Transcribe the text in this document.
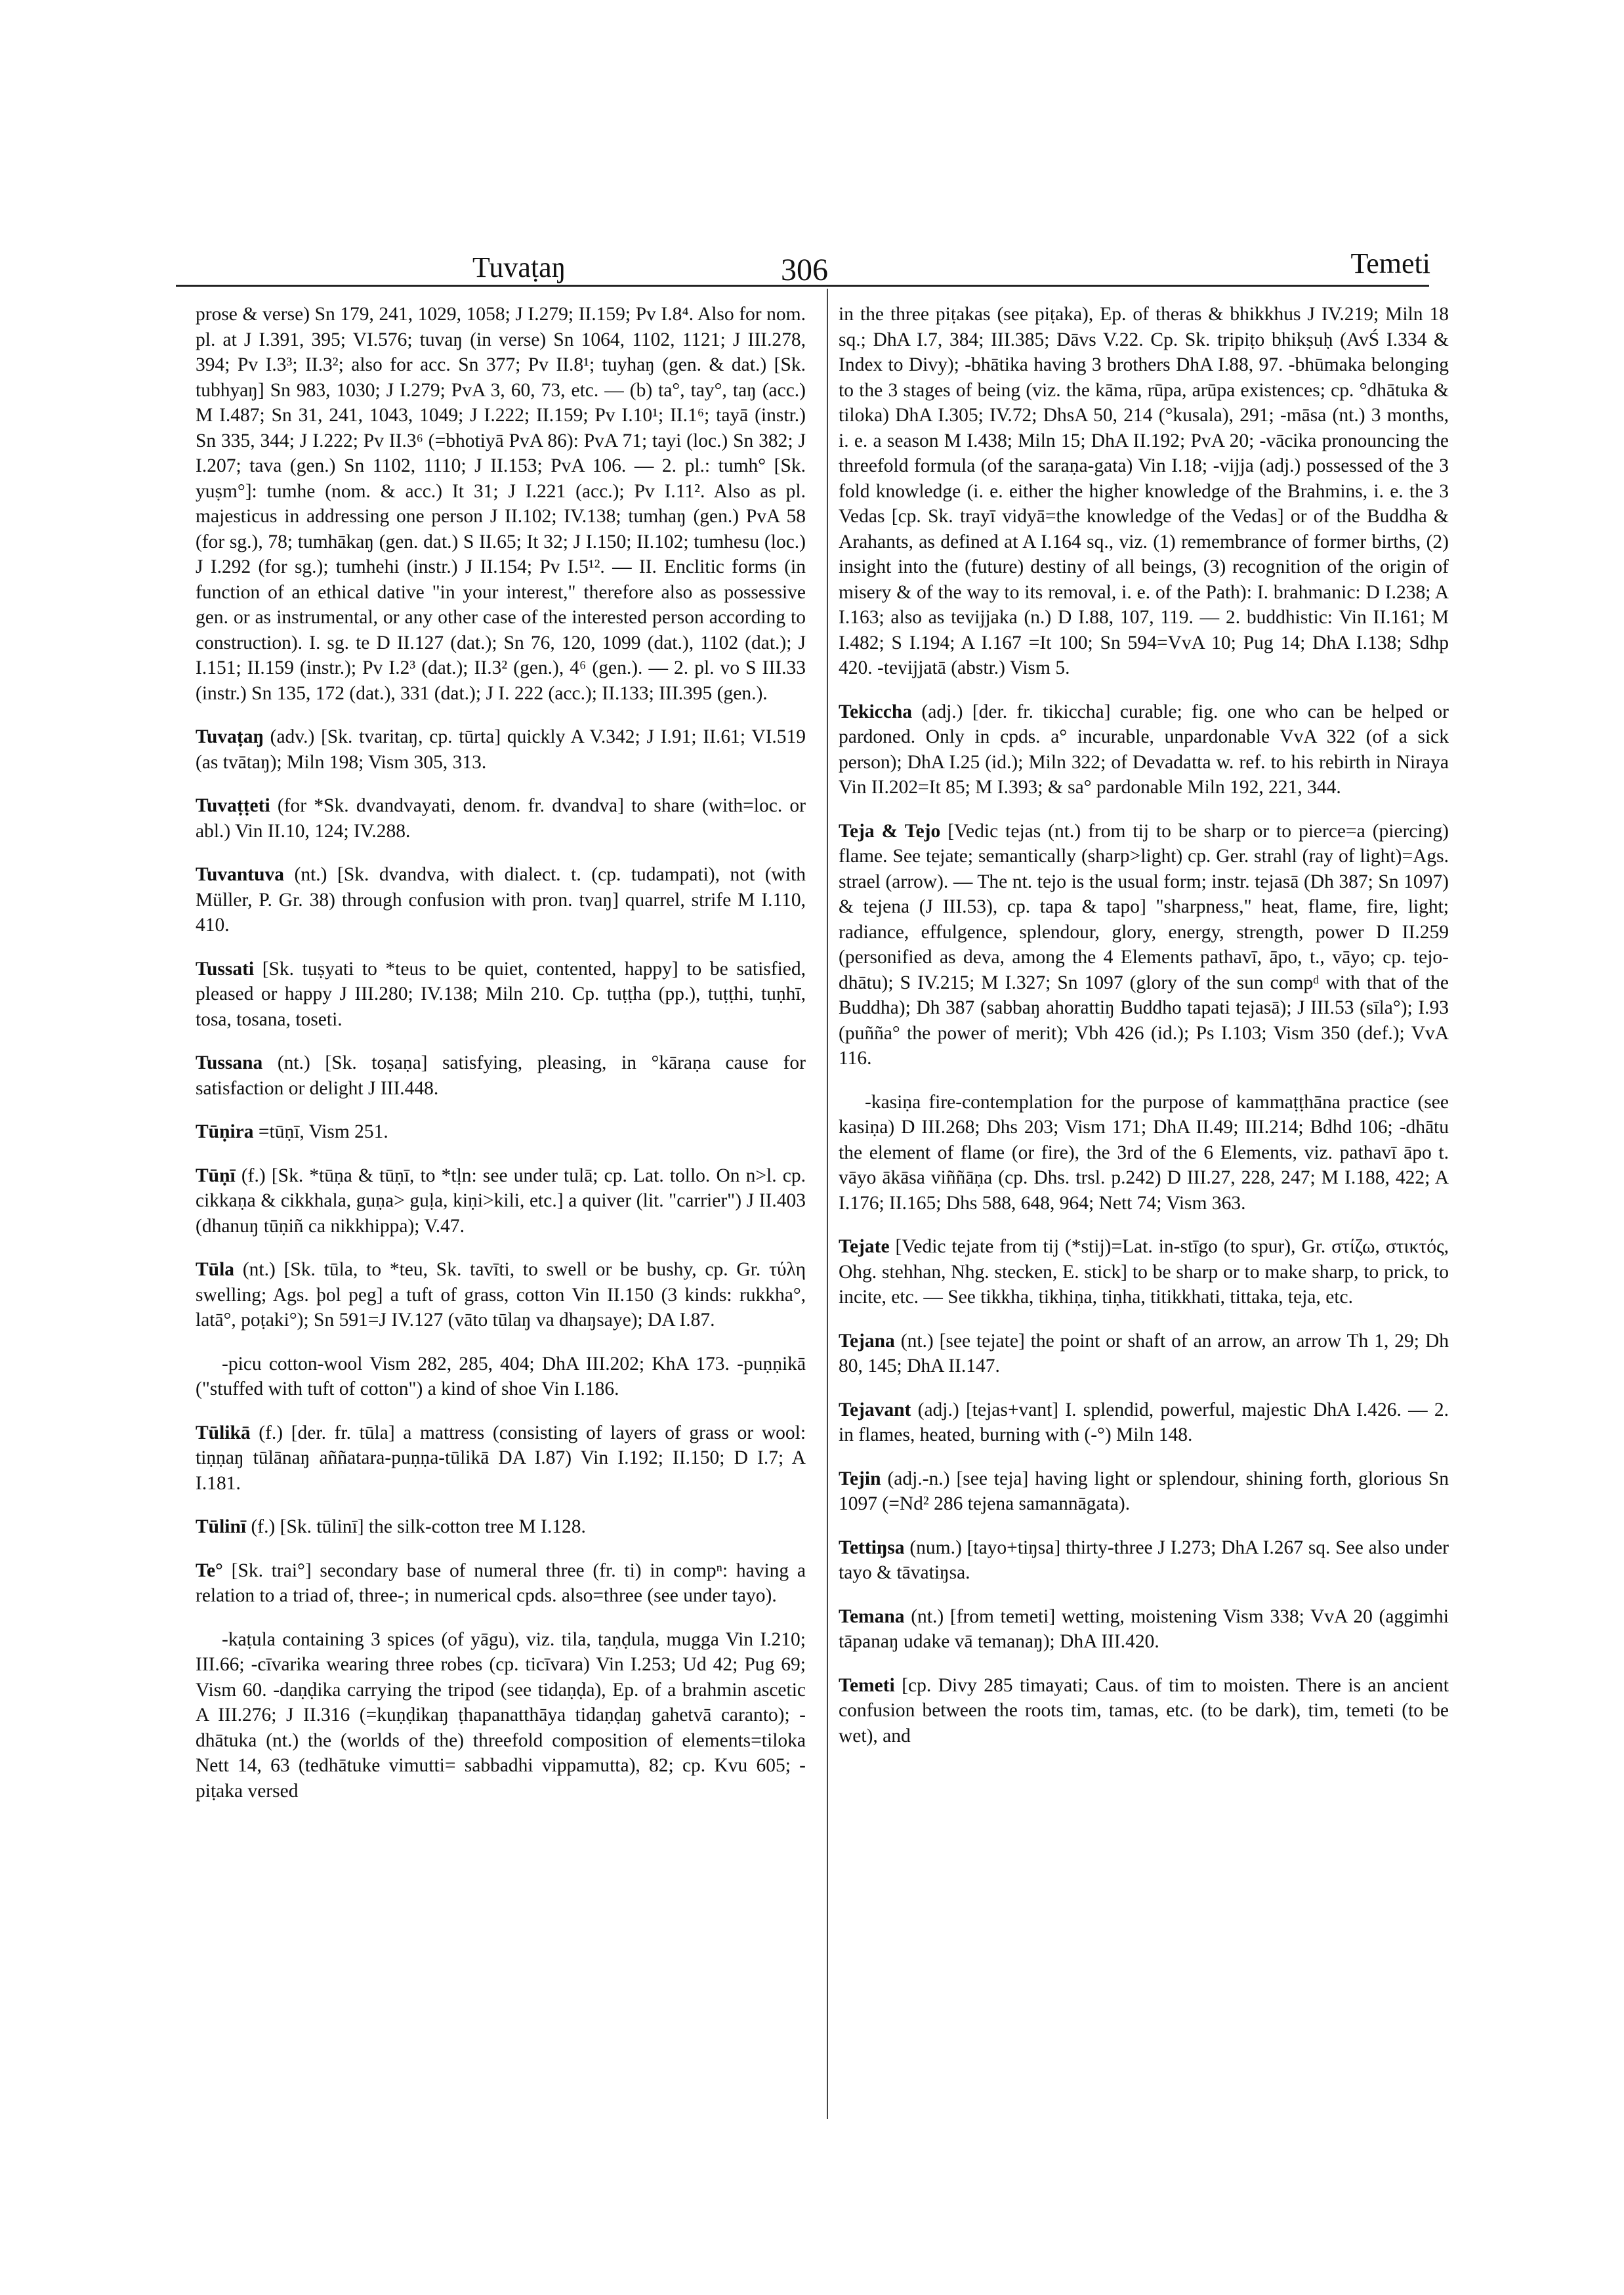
Tuvaṭaŋ	306	Temeti
prose & verse) Sn 179, 241, 1029, 1058; J I.279; II.159; Pv I.8⁴. Also for nom. pl. at J I.391, 395; VI.576; tuvaŋ (in verse) Sn 1064, 1102, 1121; J III.278, 394; Pv I.3³; II.3²; also for acc. Sn 377; Pv II.8¹; tuyhaŋ (gen. & dat.) [Sk. tubhyaŋ] Sn 983, 1030; J I.279; PvA 3, 60, 73, etc. — (b) ta°, tay°, taŋ (acc.) M I.487; Sn 31, 241, 1043, 1049; J I.222; II.159; Pv I.10¹; II.1⁶; tayā (instr.) Sn 335, 344; J I.222; Pv II.3⁶ (=bhotiyā PvA 86): PvA 71; tayi (loc.) Sn 382; J I.207; tava (gen.) Sn 1102, 1110; J II.153; PvA 106. — 2. pl.: tumh° [Sk. yuṣm°]: tumhe (nom. & acc.) It 31; J I.221 (acc.); Pv I.11². Also as pl. majesticus in addressing one person J II.102; IV.138; tumhaŋ (gen.) PvA 58 (for sg.), 78; tumhākaŋ (gen. dat.) S II.65; It 32; J I.150; II.102; tumhesu (loc.) J I.292 (for sg.); tumhehi (instr.) J II.154; Pv I.5¹². — II. Enclitic forms (in function of an ethical dative "in your interest," therefore also as possessive gen. or as instrumental, or any other case of the interested person according to construction). I. sg. te D II.127 (dat.); Sn 76, 120, 1099 (dat.), 1102 (dat.); J I.151; II.159 (instr.); Pv I.2³ (dat.); II.3² (gen.), 4⁶ (gen.). — 2. pl. vo S III.33 (instr.) Sn 135, 172 (dat.), 331 (dat.); J I. 222 (acc.); II.133; III.395 (gen.).
Tuvaṭaŋ (adv.) [Sk. tvaritaŋ, cp. tūrta] quickly A V.342; J I.91; II.61; VI.519 (as tvātaŋ); Miln 198; Vism 305, 313.
Tuvaṭṭeti (for *Sk. dvandvayati, denom. fr. dvandva] to share (with=loc. or abl.) Vin II.10, 124; IV.288.
Tuvantuva (nt.) [Sk. dvandva, with dialect. t. (cp. tudampati), not (with Müller, P. Gr. 38) through confusion with pron. tvaŋ] quarrel, strife M I.110, 410.
Tussati [Sk. tuṣyati to *teus to be quiet, contented, happy] to be satisfied, pleased or happy J III.280; IV.138; Miln 210. Cp. tuṭṭha (pp.), tuṭṭhi, tuṇhī, tosa, tosana, toseti.
Tussana (nt.) [Sk. toṣaṇa] satisfying, pleasing, in °kāraṇa cause for satisfaction or delight J III.448.
Tūṇira =tūṇī, Vism 251.
Tūṇī (f.) [Sk. *tūṇa & tūṇī, to *tḷn: see under tulā; cp. Lat. tollo. On n>l. cp. cikkaṇa & cikkhala, guṇa> guḷa, kiṇi>kili, etc.] a quiver (lit. "carrier") J II.403 (dhanuŋ tūṇiñ ca nikkhippa); V.47.
Tūla (nt.) [Sk. tūla, to *teu, Sk. tavīti, to swell or be bushy, cp. Gr. τύλη swelling; Ags. þol peg] a tuft of grass, cotton Vin II.150 (3 kinds: rukkha°, latā°, poṭaki°); Sn 591=J IV.127 (vāto tūlaŋ va dhaŋsaye); DA I.87.
-picu cotton-wool Vism 282, 285, 404; DhA III.202; KhA 173. -puṇṇikā ("stuffed with tuft of cotton") a kind of shoe Vin I.186.
Tūlikā (f.) [der. fr. tūla] a mattress (consisting of layers of grass or wool: tiṇṇaŋ tūlānaŋ aññatara-puṇṇa-tūlikā DA I.87) Vin I.192; II.150; D I.7; A I.181.
Tūlinī (f.) [Sk. tūlinī] the silk-cotton tree M I.128.
Te° [Sk. trai°] secondary base of numeral three (fr. ti) in compⁿ: having a relation to a triad of, three-; in numerical cpds. also=three (see under tayo).
-kaṭula containing 3 spices (of yāgu), viz. tila, taṇḍula, mugga Vin I.210; III.66; -cīvarika wearing three robes (cp. ticīvara) Vin I.253; Ud 42; Pug 69; Vism 60. -daṇḍika carrying the tripod (see tidaṇḍa), Ep. of a brahmin ascetic A III.276; J II.316 (=kuṇḍikaŋ ṭhapanatthāya tidaṇḍaŋ gahetvā caranto); -dhātuka (nt.) the (worlds of the) threefold composition of elements=tiloka Nett 14, 63 (tedhātuke vimutti= sabbadhi vippamutta), 82; cp. Kvu 605; -piṭaka versed
in the three piṭakas (see piṭaka), Ep. of theras & bhikkhus J IV.219; Miln 18 sq.; DhA I.7, 384; III.385; Dāvs V.22. Cp. Sk. tripiṭo bhikṣuḥ (AvŚ I.334 & Index to Divy); -bhātika having 3 brothers DhA I.88, 97. -bhūmaka belonging to the 3 stages of being (viz. the kāma, rūpa, arūpa existences; cp. °dhātuka & tiloka) DhA I.305; IV.72; DhsA 50, 214 (°kusala), 291; -māsa (nt.) 3 months, i. e. a season M I.438; Miln 15; DhA II.192; PvA 20; -vācika pronouncing the threefold formula (of the saraṇa-gata) Vin I.18; -vijja (adj.) possessed of the 3 fold knowledge (i. e. either the higher knowledge of the Brahmins, i. e. the 3 Vedas [cp. Sk. trayī vidyā=the knowledge of the Vedas] or of the Buddha & Arahants, as defined at A I.164 sq., viz. (1) remembrance of former births, (2) insight into the (future) destiny of all beings, (3) recognition of the origin of misery & of the way to its removal, i. e. of the Path): I. brahmanic: D I.238; A I.163; also as tevijjaka (n.) D I.88, 107, 119. — 2. buddhistic: Vin II.161; M I.482; S I.194; A I.167 =It 100; Sn 594=VvA 10; Pug 14; DhA I.138; Sdhp 420. -tevijjatā (abstr.) Vism 5.
Tekiccha (adj.) [der. fr. tikiccha] curable; fig. one who can be helped or pardoned. Only in cpds. a° incurable, unpardonable VvA 322 (of a sick person); DhA I.25 (id.); Miln 322; of Devadatta w. ref. to his rebirth in Niraya Vin II.202=It 85; M I.393; & sa° pardonable Miln 192, 221, 344.
Teja & Tejo [Vedic tejas (nt.) from tij to be sharp or to pierce=a (piercing) flame. See tejate; semantically (sharp>light) cp. Ger. strahl (ray of light)=Ags. strael (arrow). — The nt. tejo is the usual form; instr. tejasā (Dh 387; Sn 1097) & tejena (J III.53), cp. tapa & tapo] "sharpness," heat, flame, fire, light; radiance, effulgence, splendour, glory, energy, strength, power D II.259 (personified as deva, among the 4 Elements pathavī, āpo, t., vāyo; cp. tejo-dhātu); S IV.215; M I.327; Sn 1097 (glory of the sun compᵈ with that of the Buddha); Dh 387 (sabbaŋ ahorattiŋ Buddho tapati tejasā); J III.53 (sīla°); I.93 (puñña° the power of merit); Vbh 426 (id.); Ps I.103; Vism 350 (def.); VvA 116.
-kasiṇa fire-contemplation for the purpose of kammaṭṭhāna practice (see kasiṇa) D III.268; Dhs 203; Vism 171; DhA II.49; III.214; Bdhd 106; -dhātu the element of flame (or fire), the 3rd of the 6 Elements, viz. pathavī āpo t. vāyo ākāsa viññāṇa (cp. Dhs. trsl. p.242) D III.27, 228, 247; M I.188, 422; A I.176; II.165; Dhs 588, 648, 964; Nett 74; Vism 363.
Tejate [Vedic tejate from tij (*stij)=Lat. in-stīgo (to spur), Gr. στίζω, στικτός, Ohg. stehhan, Nhg. stecken, E. stick] to be sharp or to make sharp, to prick, to incite, etc. — See tikkha, tikhiṇa, tiṇha, titikkhati, tittaka, teja, etc.
Tejana (nt.) [see tejate] the point or shaft of an arrow, an arrow Th 1, 29; Dh 80, 145; DhA II.147.
Tejavant (adj.) [tejas+vant] I. splendid, powerful, majestic DhA I.426. — 2. in flames, heated, burning with (-°) Miln 148.
Tejin (adj.-n.) [see teja] having light or splendour, shining forth, glorious Sn 1097 (=Nd² 286 tejena samannāgata).
Tettiŋsa (num.) [tayo+tiŋsa] thirty-three J I.273; DhA I.267 sq. See also under tayo & tāvatiŋsa.
Temana (nt.) [from temeti] wetting, moistening Vism 338; VvA 20 (aggimhi tāpanaŋ udake vā temanaŋ); DhA III.420.
Temeti [cp. Divy 285 timayati; Caus. of tim to moisten. There is an ancient confusion between the roots tim, tamas, etc. (to be dark), tim, temeti (to be wet), and
